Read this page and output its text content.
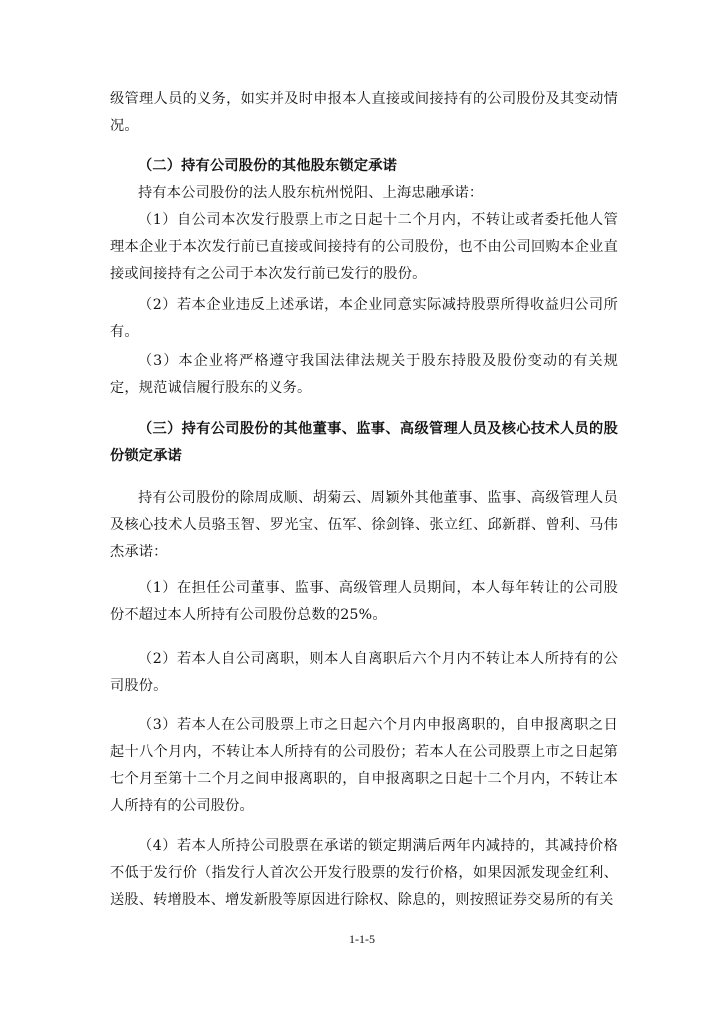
级管理人员的义务，如实并及时申报本人直接或间接持有的公司股份及其变动情况。

（二）持有公司股份的其他股东锁定承诺

持有本公司股份的法人股东杭州悦阳、上海忠融承诺：

（1）自公司本次发行股票上市之日起十二个月内，不转让或者委托他人管理本企业于本次发行前已直接或间接持有的公司股份，也不由公司回购本企业直接或间接持有之公司于本次发行前已发行的股份。

（2）若本企业违反上述承诺，本企业同意实际减持股票所得收益归公司所有。

（3）本企业将严格遵守我国法律法规关于股东持股及股份变动的有关规定，规范诚信履行股东的义务。

（三）持有公司股份的其他董事、监事、高级管理人员及核心技术人员的股份锁定承诺

持有公司股份的除周成顺、胡菊云、周颖外其他董事、监事、高级管理人员及核心技术人员骆玉智、罗光宝、伍军、徐剑锋、张立红、邱新群、曾利、马伟杰承诺：

（1）在担任公司董事、监事、高级管理人员期间，本人每年转让的公司股份不超过本人所持有公司股份总数的25%。

（2）若本人自公司离职，则本人自离职后六个月内不转让本人所持有的公司股份。

（3）若本人在公司股票上市之日起六个月内申报离职的，自申报离职之日起十八个月内，不转让本人所持有的公司股份；若本人在公司股票上市之日起第七个月至第十二个月之间申报离职的，自申报离职之日起十二个月内，不转让本人所持有的公司股份。

（4）若本人所持公司股票在承诺的锁定期满后两年内减持的，其减持价格不低于发行价（指发行人首次公开发行股票的发行价格，如果因派发现金红利、送股、转增股本、增发新股等原因进行除权、除息的，则按照证券交易所的有关

1-1-5
